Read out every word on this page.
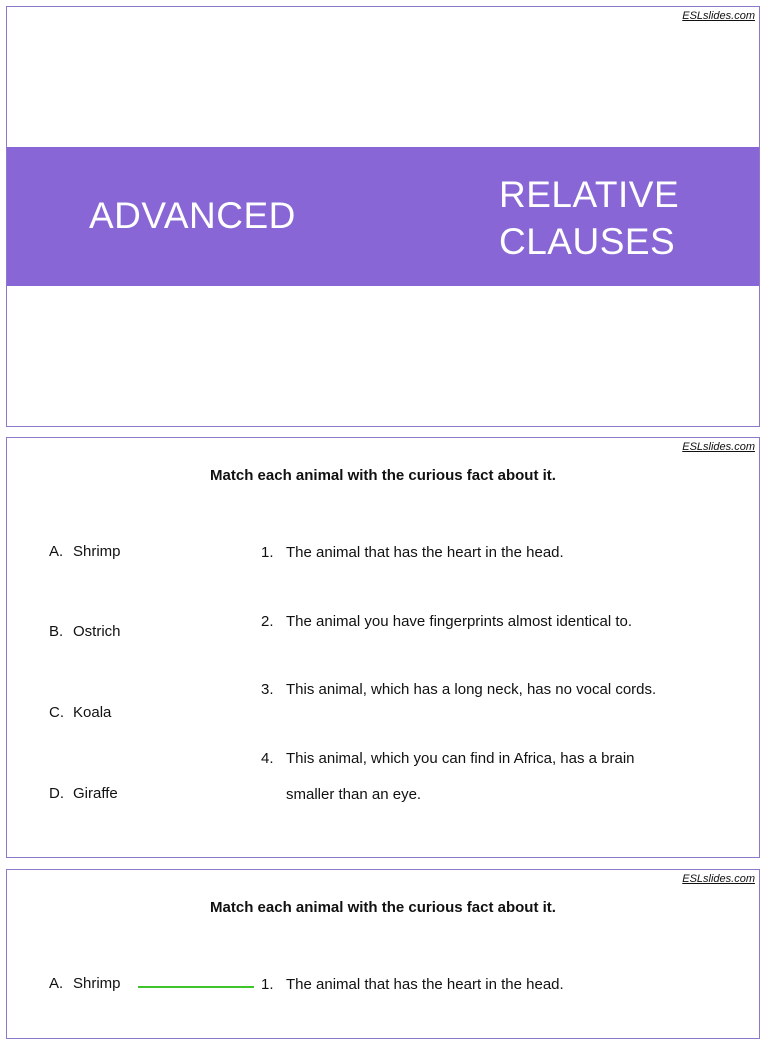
ESLslides.com
ADVANCED
RELATIVE
CLAUSES
ESLslides.com
Match each animal with the curious fact about it.
A. Shrimp
B. Ostrich
C. Koala
D. Giraffe
1. The animal that has the heart in the head.
2. The animal you have fingerprints almost identical to.
3. This animal, which has a long neck, has no vocal cords.
4. This animal, which you can find in Africa, has a brain
smaller than an eye.
ESLslides.com
Match each animal with the curious fact about it.
A. Shrimp	1. The animal that has the heart in the head.
